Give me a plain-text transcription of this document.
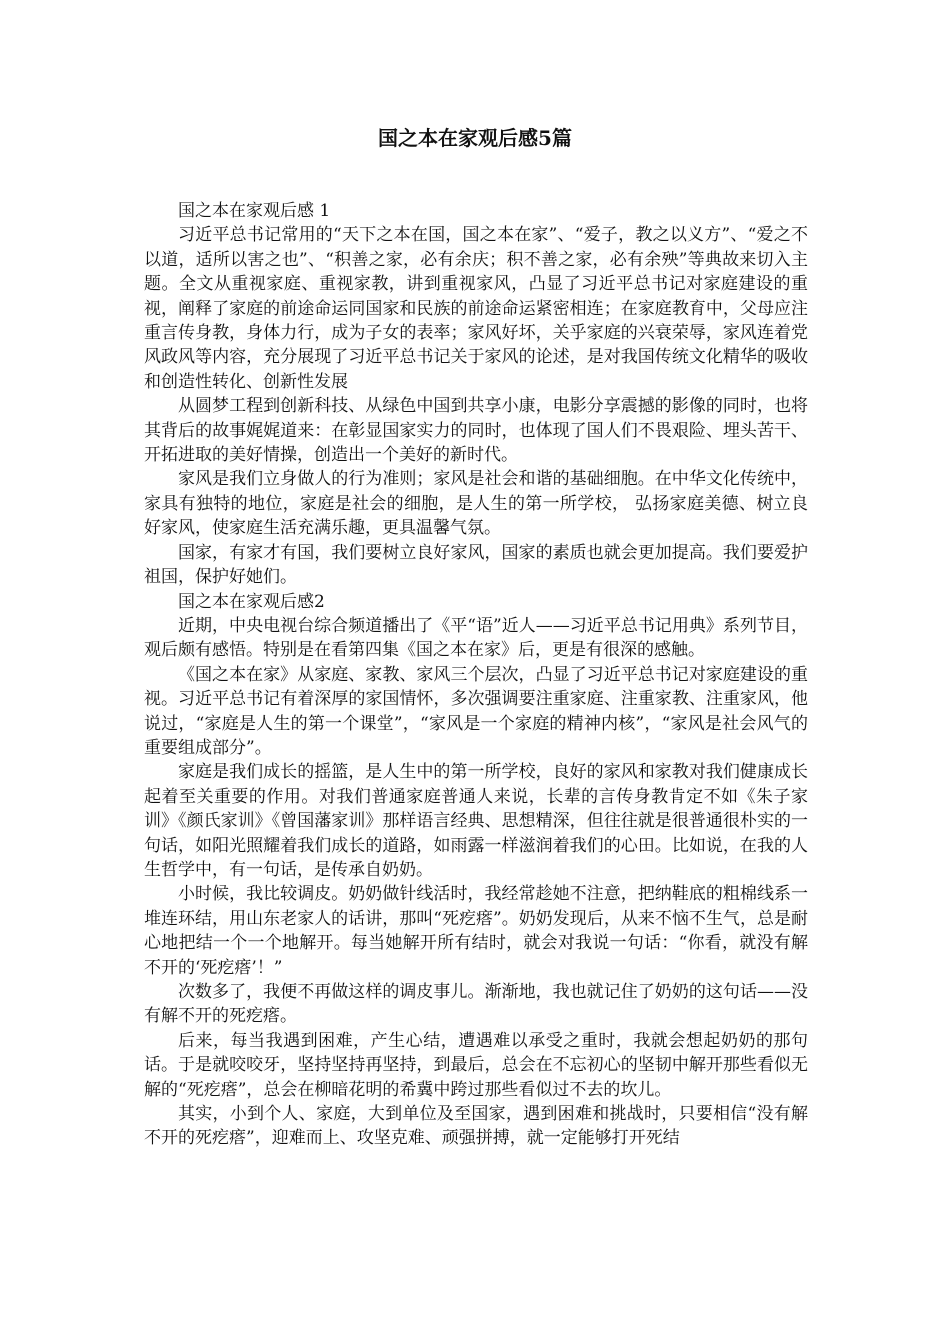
国之本在家观后感5篇

国之本在家观后感 1

习近平总书记常用的“天下之本在国，国之本在家”、“爱子，教之以义方”、“爱之不以道，适所以害之也”、“积善之家，必有余庆；积不善之家，必有余殃”等典故来切入主题。全文从重视家庭、重视家教，讲到重视家风，凸显了习近平总书记对家庭建设的重视，阐释了家庭的前途命运同国家和民族的前途命运紧密相连；在家庭教育中，父母应注重言传身教，身体力行，成为子女的表率；家风好坏，关乎家庭的兴衰荣辱，家风连着党风政风等内容，充分展现了习近平总书记关于家风的论述，是对我国传统文化精华的吸收和创造性转化、创新性发展

从圆梦工程到创新科技、从绿色中国到共享小康，电影分享震撼的影像的同时，也将其背后的故事娓娓道来：在彰显国家实力的同时，也体现了国人们不畏艰险、埋头苦干、开拓进取的美好情操，创造出一个美好的新时代。

家风是我们立身做人的行为准则；家风是社会和谐的基础细胞。在中华文化传统中，家具有独特的地位，家庭是社会的细胞，是人生的第一所学校， 弘扬家庭美德、树立良好家风，使家庭生活充满乐趣，更具温馨气氛。

国家，有家才有国，我们要树立良好家风，国家的素质也就会更加提高。我们要爱护祖国，保护好她们。

国之本在家观后感2

近期，中央电视台综合频道播出了《平“语”近人——习近平总书记用典》系列节目，观后颇有感悟。特别是在看第四集《国之本在家》后，更是有很深的感触。

《国之本在家》从家庭、家教、家风三个层次，凸显了习近平总书记对家庭建设的重视。习近平总书记有着深厚的家国情怀，多次强调要注重家庭、注重家教、注重家风，他说过，“家庭是人生的第一个课堂”，“家风是一个家庭的精神内核”，“家风是社会风气的重要组成部分”。

家庭是我们成长的摇篮，是人生中的第一所学校，良好的家风和家教对我们健康成长起着至关重要的作用。对我们普通家庭普通人来说，长辈的言传身教肯定不如《朱子家训》《颜氏家训》《曾国藩家训》那样语言经典、思想精深，但往往就是很普通很朴实的一句话，如阳光照耀着我们成长的道路，如雨露一样滋润着我们的心田。比如说，在我的人生哲学中，有一句话，是传承自奶奶。

小时候，我比较调皮。奶奶做针线活时，我经常趁她不注意，把纳鞋底的粗棉线系一堆连环结，用山东老家人的话讲，那叫“死疙瘩”。奶奶发现后，从来不恼不生气，总是耐心地把结一个一个地解开。每当她解开所有结时，就会对我说一句话：“你看，就没有解不开的‘死疙瘩’！”

次数多了，我便不再做这样的调皮事儿。渐渐地，我也就记住了奶奶的这句话——没有解不开的死疙瘩。

后来，每当我遇到困难，产生心结，遭遇难以承受之重时，我就会想起奶奶的那句话。于是就咬咬牙，坚持坚持再坚持，到最后，总会在不忘初心的坚韧中解开那些看似无解的“死疙瘩”，总会在柳暗花明的希冀中跨过那些看似过不去的坎儿。

其实，小到个人、家庭，大到单位及至国家，遇到困难和挑战时，只要相信“没有解不开的死疙瘩”，迎难而上、攻坚克难、顽强拼搏，就一定能够打开死结
